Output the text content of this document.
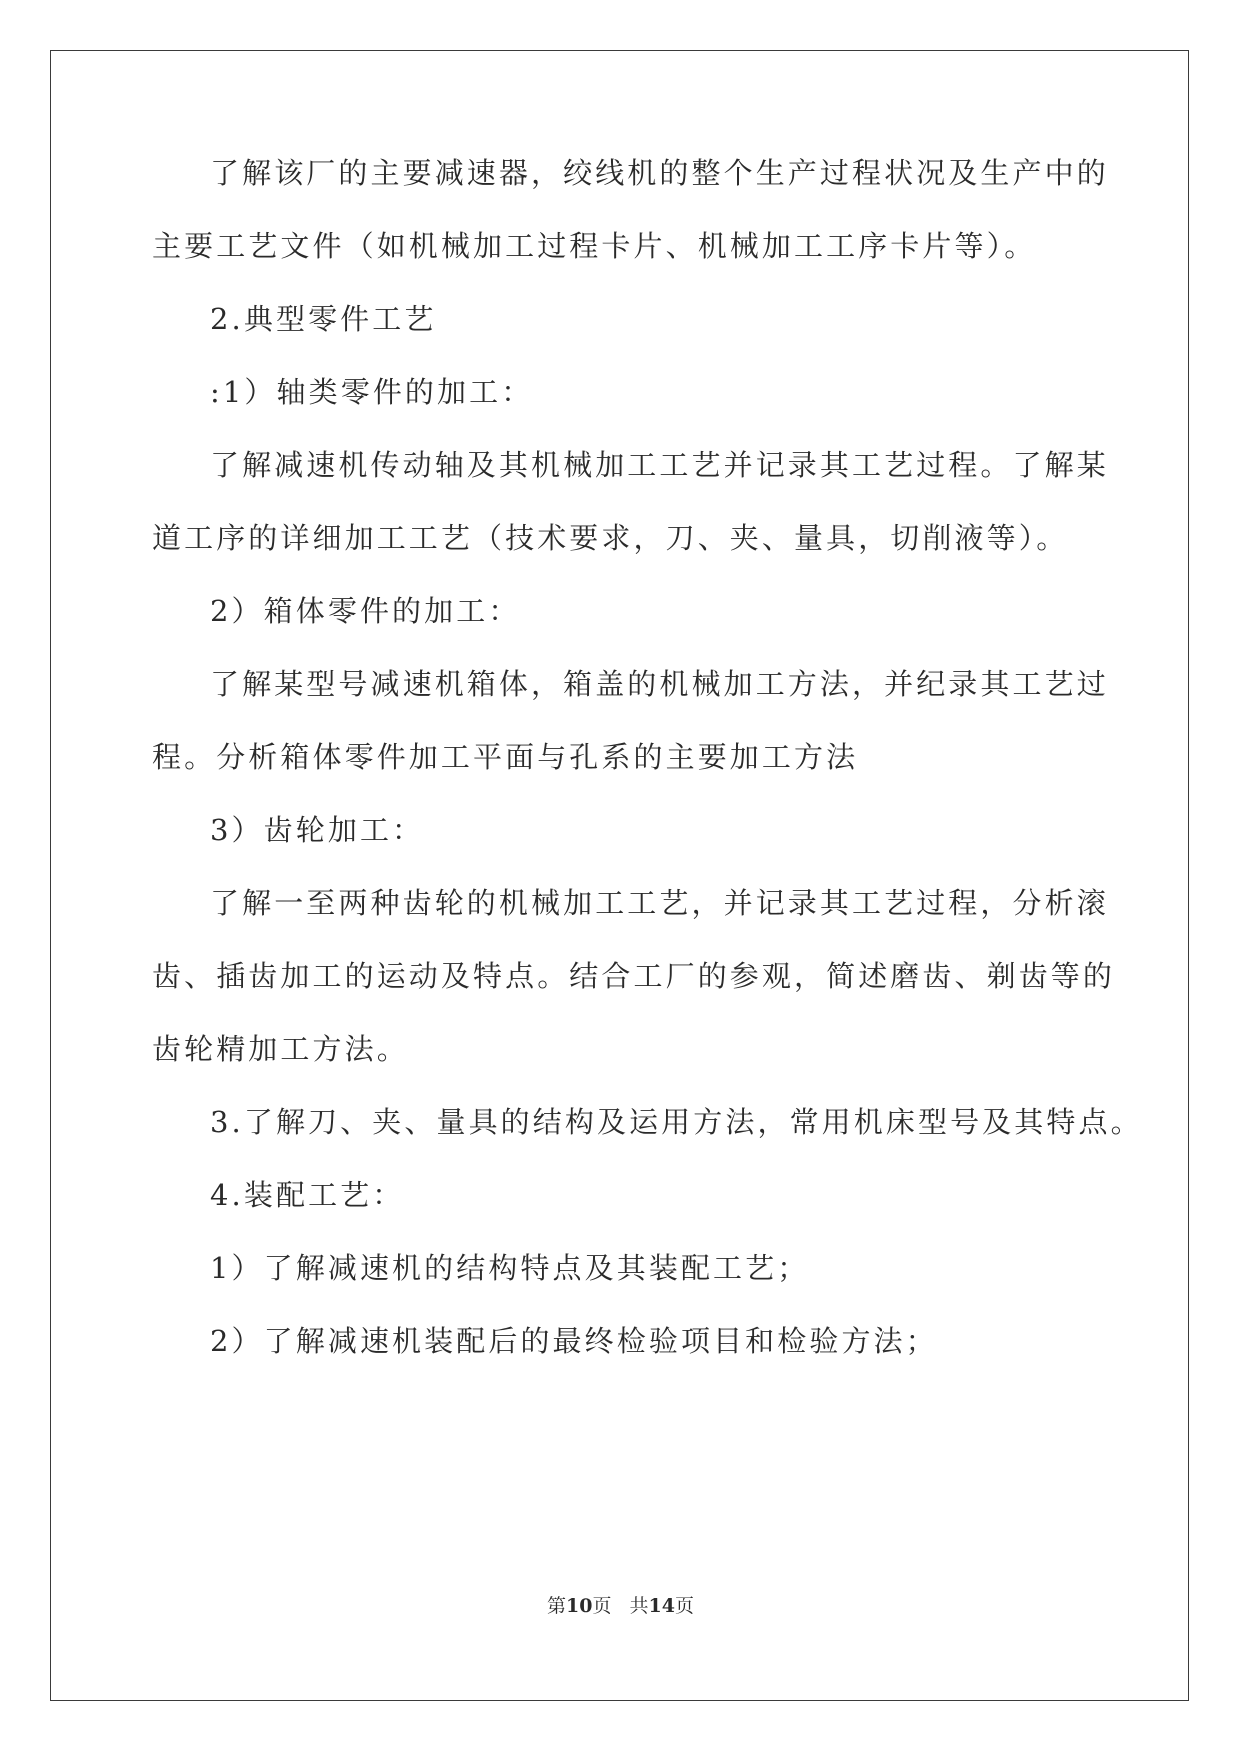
了解该厂的主要减速器，绞线机的整个生产过程状况及生产中的
主要工艺文件（如机械加工过程卡片、机械加工工序卡片等）。
2.典型零件工艺
:1）轴类零件的加工：
了解减速机传动轴及其机械加工工艺并记录其工艺过程。了解某
道工序的详细加工工艺（技术要求，刀、夹、量具，切削液等）。
2）箱体零件的加工：
了解某型号减速机箱体，箱盖的机械加工方法，并纪录其工艺过
程。分析箱体零件加工平面与孔系的主要加工方法
3）齿轮加工：
了解一至两种齿轮的机械加工工艺，并记录其工艺过程，分析滚
齿、插齿加工的运动及特点。结合工厂的参观，简述磨齿、剃齿等的
齿轮精加工方法。
3.了解刀、夹、量具的结构及运用方法，常用机床型号及其特点。
4.装配工艺：
1）了解减速机的结构特点及其装配工艺；
2）了解减速机装配后的最终检验项目和检验方法；
第10页 共14页
